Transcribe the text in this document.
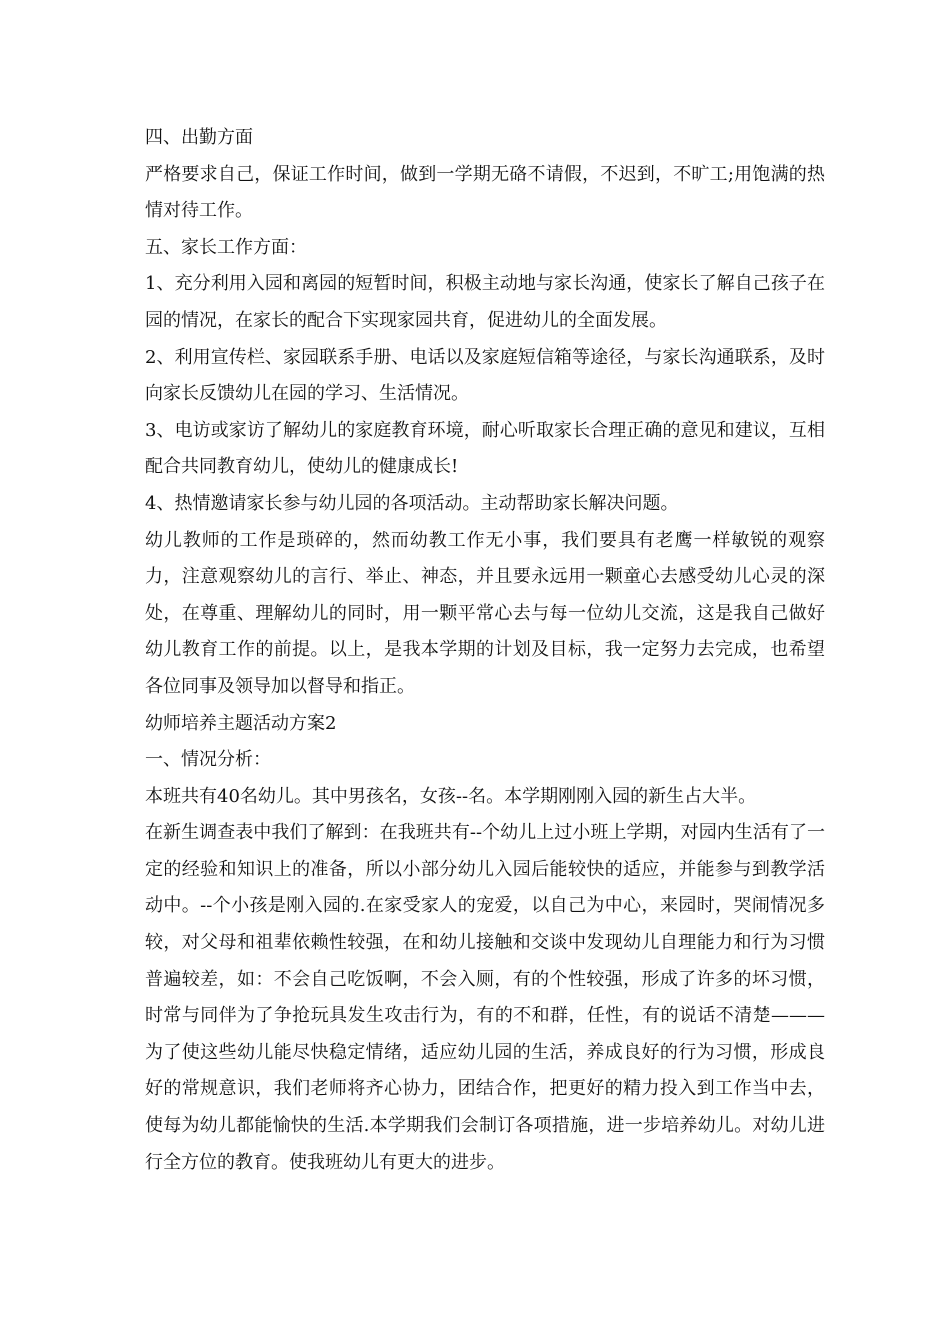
四、出勤方面

严格要求自己，保证工作时间，做到一学期无硌不请假，不迟到，不旷工;用饱满的热情对待工作。

五、家长工作方面：

1、充分利用入园和离园的短暂时间，积极主动地与家长沟通，使家长了解自己孩子在园的情况，在家长的配合下实现家园共育，促进幼儿的全面发展。

2、利用宣传栏、家园联系手册、电话以及家庭短信箱等途径，与家长沟通联系，及时向家长反馈幼儿在园的学习、生活情况。

3、电访或家访了解幼儿的家庭教育环境，耐心听取家长合理正确的意见和建议，互相配合共同教育幼儿，使幼儿的健康成长!

4、热情邀请家长参与幼儿园的各项活动。主动帮助家长解决问题。

幼儿教师的工作是琐碎的，然而幼教工作无小事，我们要具有老鹰一样敏锐的观察力，注意观察幼儿的言行、举止、神态，并且要永远用一颗童心去感受幼儿心灵的深处，在尊重、理解幼儿的同时，用一颗平常心去与每一位幼儿交流，这是我自己做好幼儿教育工作的前提。以上，是我本学期的计划及目标，我一定努力去完成，也希望各位同事及领导加以督导和指正。

幼师培养主题活动方案2

一、情况分析：

本班共有40名幼儿。其中男孩名，女孩--名。本学期刚刚入园的新生占大半。

在新生调查表中我们了解到：在我班共有--个幼儿上过小班上学期，对园内生活有了一定的经验和知识上的准备，所以小部分幼儿入园后能较快的适应，并能参与到教学活动中。--个小孩是刚入园的.在家受家人的宠爱，以自己为中心，来园时，哭闹情况多较，对父母和祖辈依赖性较强，在和幼儿接触和交谈中发现幼儿自理能力和行为习惯普遍较差，如：不会自己吃饭啊，不会入厕，有的个性较强，形成了许多的坏习惯，时常与同伴为了争抢玩具发生攻击行为，有的不和群，任性，有的说话不清楚———为了使这些幼儿能尽快稳定情绪，适应幼儿园的生活，养成良好的行为习惯，形成良好的常规意识，我们老师将齐心协力，团结合作，把更好的精力投入到工作当中去，使每为幼儿都能愉快的生活.本学期我们会制订各项措施，进一步培养幼儿。对幼儿进行全方位的教育。使我班幼儿有更大的进步。
